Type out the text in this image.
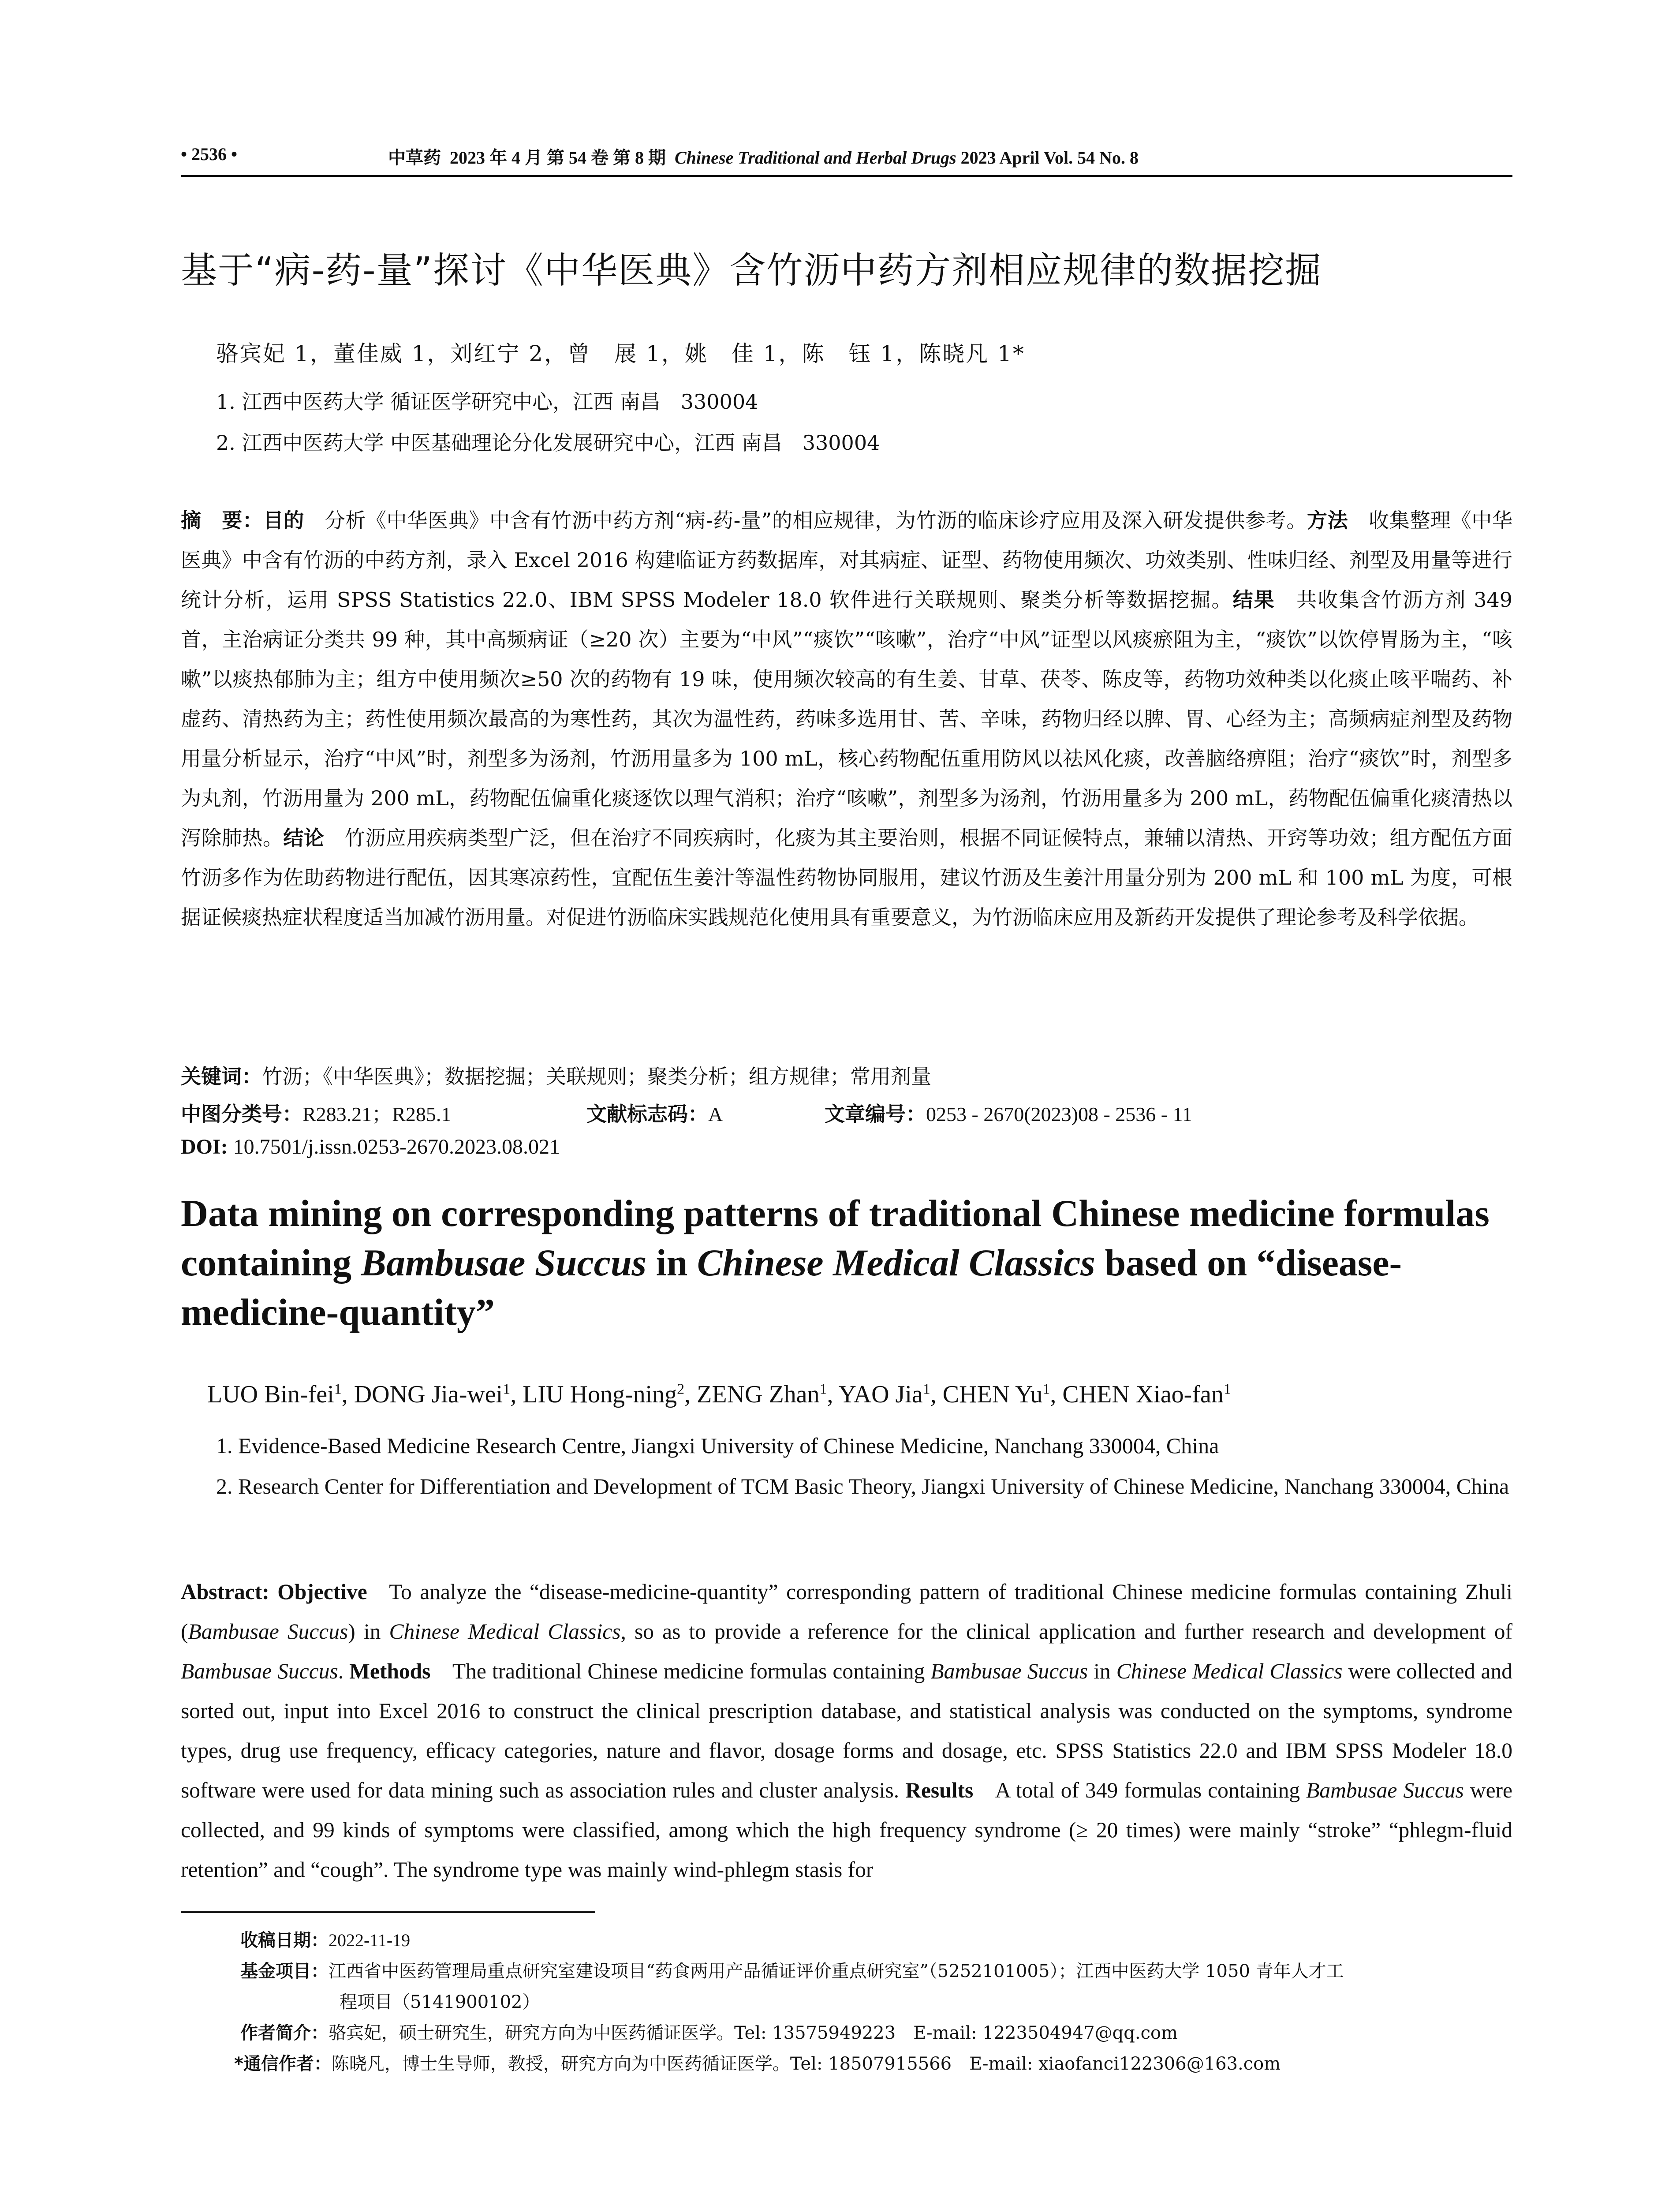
• 2536 •	中草药 2023 年 4 月 第 54 卷 第 8 期 Chinese Traditional and Herbal Drugs 2023 April Vol. 54 No. 8
基于“病-药-量”探讨《中华医典》含竹沥中药方剂相应规律的数据挖掘
骆宾妃 1，董佳威 1，刘红宁 2，曾　展 1，姚　佳 1，陈　钰 1，陈晓凡 1*
1. 江西中医药大学 循证医学研究中心，江西 南昌　330004
2. 江西中医药大学 中医基础理论分化发展研究中心，江西 南昌　330004
摘　要：目的  分析《中华医典》中含有竹沥中药方剂“病-药-量”的相应规律，为竹沥的临床诊疗应用及深入研发提供参考。方法  收集整理《中华医典》中含有竹沥的中药方剂，录入 Excel 2016 构建临证方药数据库，对其病症、证型、药物使用频次、功效类别、性味归经、剂型及用量等进行统计分析，运用 SPSS Statistics 22.0、IBM SPSS Modeler 18.0 软件进行关联规则、聚类分析等数据挖掘。结果  共收集含竹沥方剂 349 首，主治病证分类共 99 种，其中高频病证（≥20 次）主要为“中风”“痰饮”“咳嗽”，治疗“中风”证型以风痰瘀阻为主，“痰饮”以饮停胃肠为主，“咳嗽”以痰热郁肺为主；组方中使用频次≥50 次的药物有 19 味，使用频次较高的有生姜、甘草、茯苓、陈皮等，药物功效种类以化痰止咳平喘药、补虚药、清热药为主；药性使用频次最高的为寒性药，其次为温性药，药味多选用甘、苦、辛味，药物归经以脾、胃、心经为主；高频病症剂型及药物用量分析显示，治疗“中风”时，剂型多为汤剂，竹沥用量多为 100 mL，核心药物配伍重用防风以祛风化痰，改善脑络痹阻；治疗“痰饮”时，剂型多为丸剂，竹沥用量为 200 mL，药物配伍偏重化痰逐饮以理气消积；治疗“咳嗽”，剂型多为汤剂，竹沥用量多为 200 mL，药物配伍偏重化痰清热以泻除肺热。结论  竹沥应用疾病类型广泛，但在治疗不同疾病时，化痰为其主要治则，根据不同证候特点，兼辅以清热、开窍等功效；组方配伍方面竹沥多作为佐助药物进行配伍，因其寒凉药性，宜配伍生姜汁等温性药物协同服用，建议竹沥及生姜汁用量分别为 200 mL 和 100 mL 为度，可根据证候痰热症状程度适当加减竹沥用量。对促进竹沥临床实践规范化使用具有重要意义，为竹沥临床应用及新药开发提供了理论参考及科学依据。
关键词：竹沥；《中华医典》；数据挖掘；关联规则；聚类分析；组方规律；常用剂量
中图分类号：R283.21；R285.1	文献标志码：A	文章编号：0253 - 2670(2023)08 - 2536 - 11
DOI: 10.7501/j.issn.0253-2670.2023.08.021
Data mining on corresponding patterns of traditional Chinese medicine formulas containing Bambusae Succus in Chinese Medical Classics based on “disease-medicine-quantity”
LUO Bin-fei$^1$, DONG Jia-wei$^1$, LIU Hong-ning$^2$, ZENG Zhan$^1$, YAO Jia$^1$, CHEN Yu$^1$, CHEN Xiao-fan$^1$
1. Evidence-Based Medicine Research Centre, Jiangxi University of Chinese Medicine, Nanchang 330004, China
2. Research Center for Differentiation and Development of TCM Basic Theory, Jiangxi University of Chinese Medicine, Nanchang 330004, China
Abstract: Objective  To analyze the “disease-medicine-quantity” corresponding pattern of traditional Chinese medicine formulas containing Zhuli (Bambusae Succus) in Chinese Medical Classics, so as to provide a reference for the clinical application and further research and development of Bambusae Succus. Methods  The traditional Chinese medicine formulas containing Bambusae Succus in Chinese Medical Classics were collected and sorted out, input into Excel 2016 to construct the clinical prescription database, and statistical analysis was conducted on the symptoms, syndrome types, drug use frequency, efficacy categories, nature and flavor, dosage forms and dosage, etc. SPSS Statistics 22.0 and IBM SPSS Modeler 18.0 software were used for data mining such as association rules and cluster analysis. Results  A total of 349 formulas containing Bambusae Succus were collected, and 99 kinds of symptoms were classified, among which the high frequency syndrome (≥ 20 times) were mainly “stroke” “phlegm-fluid retention” and “cough”. The syndrome type was mainly wind-phlegm stasis for
收稿日期：2022-11-19
基金项目：江西省中医药管理局重点研究室建设项目“药食两用产品循证评价重点研究室”（5252101005）；江西中医药大学 1050 青年人才工
程项目（5141900102）
作者简介：骆宾妃，硕士研究生，研究方向为中医药循证医学。Tel: 13575949223　E-mail: 1223504947@qq.com
*通信作者：陈晓凡，博士生导师，教授，研究方向为中医药循证医学。Tel: 18507915566　E-mail: xiaofanci122306@163.com
